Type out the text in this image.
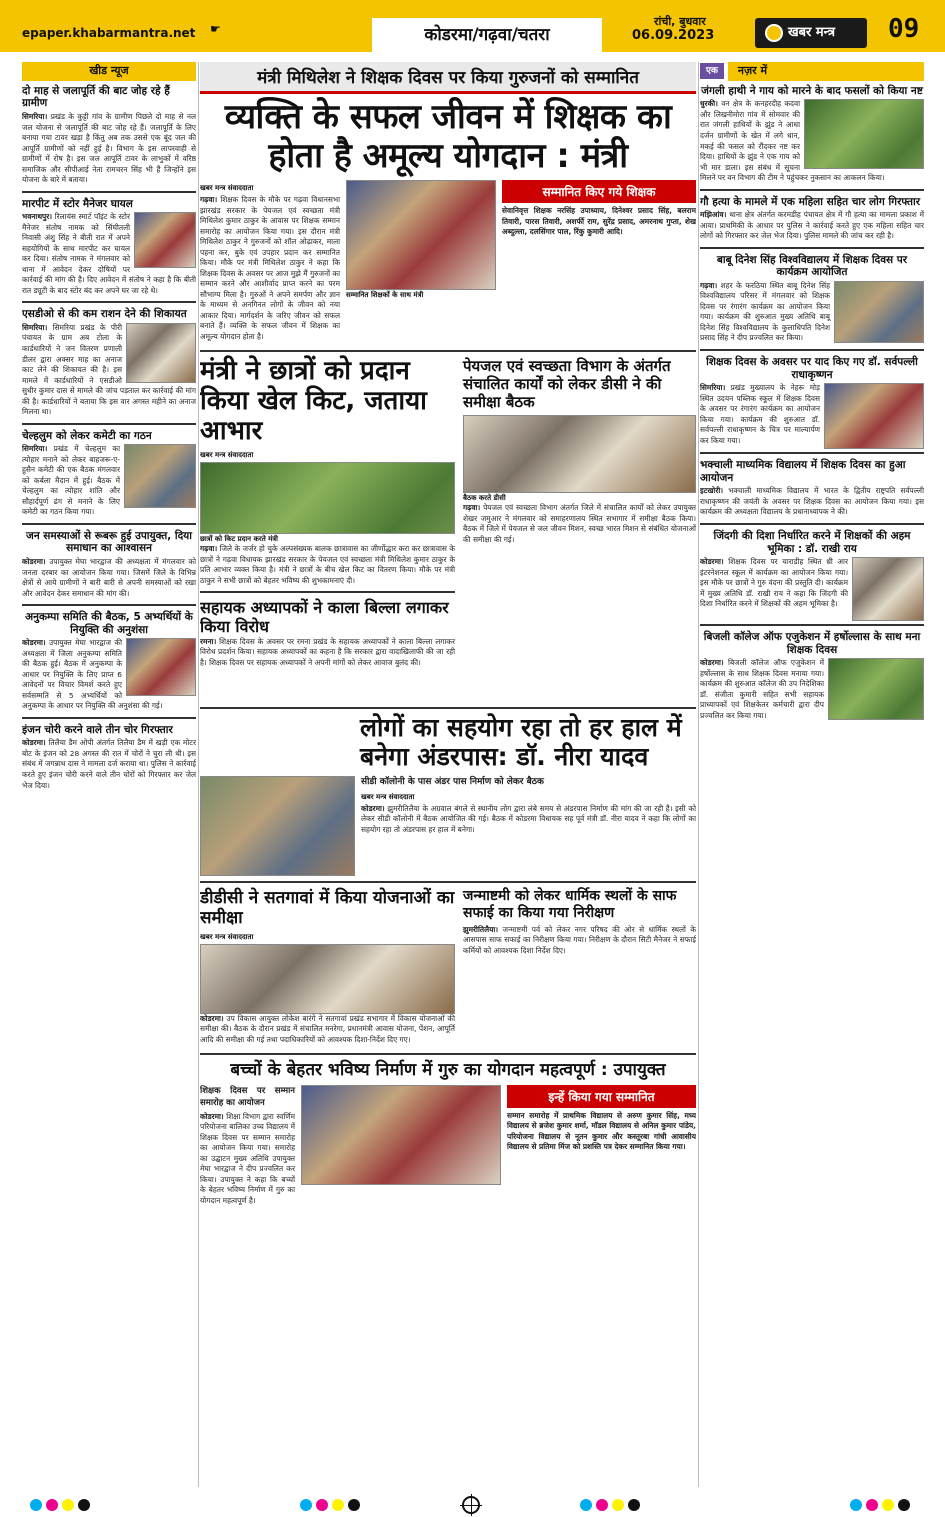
epaper.khabarmantra.net ☛	कोडरमा/गढ़वा/चतरा
रांची, बुधवार
06.09.2023	खबर मन्त्र	09
खीड न्यूज
दो माह से जलापूर्ति की बाट जोह रहे हैं ग्रामीण
सिमरिया। प्रखंड के कुट्टी गांव के ग्रामीण पिछले दो माह से नल जल योजना से जलापूर्ति की बाट जोह रहे हैं। जलापूर्ति के लिए बनाया गया टावर खड़ा है किंतु अब तक उससे एक बूंद जल की आपूर्ति ग्रामीणों को नहीं हुई है। विभाग के इस लापरवाही से ग्रामीणों में रोष है। इस जल आपूर्ति टावर के लाभुकों में वरिष्ठ समाजिक और सीपीआई नेता रामचरन सिंह भी हैं जिन्होंने इस योजना के बारे में बताया।
मारपीट में स्टोर मैनेजर घायल
भवनाथपुर। रिलायंस स्मार्ट पॉइंट के स्टोर मैनेजर संतोष नामक को सिंघीतली निवासी अंशु सिंह ने बीती रात में अपने सहयोगियों के साथ मारपीट कर घायल कर दिया। संतोष नामक ने मंगलवार को थाना में आवेदन देकर दोषियों पर कार्रवाई की मांग की है। दिए आवेदन में संतोष ने कहा है कि बीती रात ड्यूटी के बाद स्टोर बंद कर अपने घर जा रहे थे।
एसडीओ से की कम राशन देने की शिकायत
सिमरिया। सिमरिया प्रखंड के पीरी पंचायत के ग्राम अब टोला के कार्डधारियों ने जन वितरण प्रणाली डीलर द्वारा अक्सर माह का अनाज काट लेने की शिकायत की है। इस मामले में कार्डधारियों ने एसडीओ सुधीर कुमार दास से मामले की जांच पड़ताल कर कार्रवाई की मांग की है। कार्डधारियों ने बताया कि इस वार अगस्त महीने का अनाज मिलना था।
चेल्हलुम को लेकर कमेटी का गठन
सिमरिया। प्रखंड में चेल्हलुम का त्योहार मनाने को लेकर बाहजरू-ए-हुसैन कमेटी की एक बैठक मंगलवार को कर्बला मैदान में हुई। बैठक में चेल्हलुम का त्योहार शांति और सौहार्दपूर्ण ढंग से मनाने के लिए कमेटी का गठन किया गया।
जन समस्याओं से रूबरू हुई उपायुक्त, दिया समाधान का आश्वासन
कोडरमा। उपायुक्त मेघा भारद्वाज की अध्यक्षता में मंगलवार को जनता दरबार का आयोजन किया गया। जिसमें जिले के विभिन्न क्षेत्रों से आये ग्रामीणों ने बारी बारी से अपनी समस्याओं को रखा और आवेदन देकर समाधान की मांग की।
अनुकम्पा समिति की बैठक, 5 अभ्यर्थियों के नियुक्ति की अनुशंसा
कोडरमा। उपायुक्त मेघा भारद्वाज की अध्यक्षता में जिला अनुकम्पा समिति की बैठक हुई। बैठक में अनुकम्पा के आधार पर नियुक्ति के लिए प्राप्त 6 आवेदनों पर विचार विमर्श करते हुए सर्वसम्मति से 5 अभ्यर्थियों को अनुकम्पा के आधार पर नियुक्ति की अनुशंसा की गई।
इंजन चोरी करने वाले तीन चोर गिरफ्तार
कोडरमा। तिलैया डैम ओपी अंतर्गत तिलैया डैम में खड़ी एक मोटर बोट के इंजन को 28 अगस्त की रात में चोरों ने चुरा ली थी। इस संबंध में जगन्नाथ दास ने मामला दर्ज कराया था। पुलिस ने कार्रवाई करते हुए इंजन चोरी करने वाले तीन चोरों को गिरफ्तार कर जेल भेज दिया।
मंत्री मिथिलेश ने शिक्षक दिवस पर किया गुरुजनों को सम्मानित
व्यक्ति के सफल जीवन में शिक्षक का होता है अमूल्य योगदान : मंत्री
खबर मन्त्र संवाददाता
गढ़वा। शिक्षक दिवस के मौके पर गढ़वा विधानसभा झारखंड सरकार के पेयजल एवं स्वच्छता मंत्री मिथिलेश कुमार ठाकुर के आवास पर शिक्षक सम्मान समारोह का आयोजन किया गया। इस दौरान मंत्री मिथिलेश ठाकुर ने गुरुजनों को शॉल ओढ़ाकर, माला पहना कर, बुके एवं उपहार प्रदान कर सम्मानित किया। मौके पर मंत्री मिथिलेश ठाकुर ने कहा कि शिक्षक दिवस के अवसर पर आज मुझे मैं गुरुजनों का सम्मान करने और आशीर्वाद प्राप्त करने का परम सौभाग्य मिला है। गुरुओं ने अपने समर्पण और ज्ञान के माध्यम से अनगिनत लोगों के जीवन को नया आकार दिया। मार्गदर्शन के जरिए जीवन को सफल बनाते हैं। व्यक्ति के सफल जीवन में शिक्षक का अमूल्य योगदान होता है।
सम्मानित शिक्षकों के साथ मंत्री
सम्मानित किए गये शिक्षक
सेवानिवृत्त शिक्षक नरसिंह उपाध्याय, दिनेश्वर प्रसाद सिंह, बलराम तिवारी, पारस तिवारी, अशर्फी राम, सुरेंद्र प्रसाद, अमरनाथ गुप्ता, शेख अब्दुल्ला, दलसिंगार पाल, रिंकु कुमारी आदि।
मंत्री ने छात्रों को प्रदान किया खेल किट, जताया आभार
खबर मन्त्र संवाददाता
छात्रों को किट प्रदान करते मंत्री
गढ़वा। जिले के जर्जर हो चुके अल्पसंख्यक बालक छात्रावास का जीर्णोद्धार करा कर छात्रावास के छात्रों ने गढ़वा विधायक झारखंड सरकार के पेयजल एवं स्वच्छता मंत्री मिथिलेश कुमार ठाकुर के प्रति आभार व्यक्त किया है। मंत्री ने छात्रों के बीच खेल किट का वितरण किया। मौके पर मंत्री ठाकुर ने सभी छात्रों को बेहतर भविष्य की शुभकामनाएं दी।
सहायक अध्यापकों ने काला बिल्ला लगाकर किया विरोध
रमना। शिक्षक दिवस के अवसर पर रमना प्रखंड के सहायक अध्यापकों ने काला बिल्ला लगाकर विरोध प्रदर्शन किया। सहायक अध्यापकों का कहना है कि सरकार द्वारा वादाखिलाफी की जा रही है। शिक्षक दिवस पर सहायक अध्यापकों ने अपनी मांगों को लेकर आवाज बुलंद की।
पेयजल एवं स्वच्छता विभाग के अंतर्गत संचालित कार्यों को लेकर डीसी ने की समीक्षा बैठक
बैठक करते डीसी
गढ़वा। पेयजल एवं स्वच्छता विभाग अंतर्गत जिले में संचालित कार्यों को लेकर उपायुक्त शेखर जमुआर ने मंगलवार को समाहरणालय स्थित सभागार में समीक्षा बैठक किया। बैठक में जिले में पेयजल से जल जीवन मिशन, स्वच्छ भारत मिशन से संबंधित योजनाओं की समीक्षा की गई।
लोगों का सहयोग रहा तो हर हाल में बनेगा अंडरपास: डॉ. नीरा यादव
सीडी कॉलोनी के पास अंडर पास निर्माण को लेकर बैठक
खबर मन्त्र संवाददाता
कोडरमा। झुमरीतिलैया के अग्रवाल बंगले से स्थानीय लोग द्वारा लंबे समय से अंडरपास निर्माण की मांग की जा रही है। इसी को लेकर सीडी कॉलोनी में बैठक आयोजित की गई। बैठक में कोडरमा विधायक सह पूर्व मंत्री डॉ. नीरा यादव ने कहा कि लोगों का सहयोग रहा तो अंडरपास हर हाल में बनेगा।
डीडीसी ने सतगावां में किया योजनाओं का समीक्षा
खबर मन्त्र संवाददाता
कोडरमा। उप विकास आयुक्त लोकेश बारंगे ने सतगावां प्रखंड सभागार में विकास योजनाओं की समीक्षा की। बैठक के दौरान प्रखंड में संचालित मनरेगा, प्रधानमंत्री आवास योजना, पेंशन, आपूर्ति आदि की समीक्षा की गई तथा पदाधिकारियों को आवश्यक दिशा-निर्देश दिए गए।
जन्माष्टमी को लेकर धार्मिक स्थलों के साफ सफाई का किया गया निरीक्षण
झुमरीतिलैया। जन्माष्टमी पर्व को लेकर नगर परिषद की ओर से धार्मिक स्थलों के आसपास साफ सफाई का निरीक्षण किया गया। निरीक्षण के दौरान सिटी मैनेजर ने सफाई कर्मियों को आवश्यक दिशा निर्देश दिए।
बच्चों के बेहतर भविष्य निर्माण में गुरु का योगदान महत्वपूर्ण : उपायुक्त
शिक्षक दिवस पर सम्मान समारोह का आयोजन
कोडरमा। शिक्षा विभाग द्वारा स्वर्णिम परियोजना बालिका उच्च विद्यालय में शिक्षक दिवस पर सम्मान समारोह का आयोजन किया गया। समारोह का उद्घाटन मुख्य अतिथि उपायुक्त मेघा भारद्वाज ने दीप प्रज्वलित कर किया। उपायुक्त ने कहा कि बच्चों के बेहतर भविष्य निर्माण में गुरु का योगदान महत्वपूर्ण है।
इन्हें किया गया सम्मानित
सम्मान समारोह में प्राथमिक विद्यालय से अरुण कुमार सिंह, मध्य विद्यालय से ब्रजेश कुमार शर्मा, मॉडल विद्यालय से अनिल कुमार पांडेय, परियोजना विद्यालय से नूतन कुमार और कस्तूरबा गांधी आवासीय विद्यालय से प्रतिमा मिंज को प्रशस्ति पत्र देकर सम्मानित किया गया।
एक	नज़र में
जंगली हाथी ने गाय को मारने के बाद फसलों को किया नष्ट
धुरकी। वन क्षेत्र के कनहरदीह कदवा और लिखनीमोरा गांव में सोमवार की रात जंगली हाथियों के झुंड ने आधा दर्जन ग्रामीणों के खेत में लगे धान, मकई की फसल को रौंदकर नष्ट कर दिया। हाथियों के झुंड ने एक गाय को भी मार डाला। इस संबंध में सूचना मिलने पर वन विभाग की टीम ने पहुंचकर नुकसान का आकलन किया।
गौ हत्या के मामले में एक महिला सहित चार लोग गिरफ्तार
मझिआंव। थाना क्षेत्र अंतर्गत करमडीह पंचायत क्षेत्र में गौ हत्या का मामला प्रकाश में आया। प्राथमिकी के आधार पर पुलिस ने कार्रवाई करते हुए एक महिला सहित चार लोगों को गिरफ्तार कर जेल भेज दिया। पुलिस मामले की जांच कर रही है।
बाबू दिनेश सिंह विश्वविद्यालय में शिक्षक दिवस पर कार्यक्रम आयोजित
गढ़वा। शहर के फरठिया स्थित बाबू दिनेश सिंह विश्वविद्यालय परिसर में मंगलवार को शिक्षक दिवस पर रंगारंग कार्यक्रम का आयोजन किया गया। कार्यक्रम की शुरुआत मुख्य अतिथि बाबू दिनेश सिंह विश्वविद्यालय के कुलाधिपति दिनेश प्रसाद सिंह ने दीप प्रज्वलित कर किया।
शिक्षक दिवस के अवसर पर याद किए गए डॉ. सर्वपल्ली राधाकृष्णन
सिमरिया। प्रखंड मुख्यालय के नेहरू मोड़ स्थित उदयन पब्लिक स्कूल में शिक्षक दिवस के अवसर पर रंगारंग कार्यक्रम का आयोजन किया गया। कार्यक्रम की शुरुआत डॉ. सर्वपल्ली राधाकृष्णन के चित्र पर माल्यार्पण कर किया गया।
भक्चाली माध्यमिक विद्यालय में शिक्षक दिवस का हुआ आयोजन
इटखोरी। भक्चाली माध्यमिक विद्यालय में भारत के द्वितीय राष्ट्रपति सर्वपल्ली राधाकृष्णन की जयंती के अवसर पर शिक्षक दिवस का आयोजन किया गया। इस कार्यक्रम की अध्यक्षता विद्यालय के प्रधानाध्यापक ने की।
जिंदगी की दिशा निर्धारित करने में शिक्षकों की अहम भूमिका : डॉ. राखी राय
कोडरमा। शिक्षक दिवस पर चाराडीह स्थित थ्री आर इंटरनेशनल स्कूल में कार्यक्रम का आयोजन किया गया। इस मौके पर छात्रों ने गुरु वंदना की प्रस्तुति दी। कार्यक्रम में मुख्य अतिथि डॉ. राखी राय ने कहा कि जिंदगी की दिशा निर्धारित करने में शिक्षकों की अहम भूमिका है।
बिजली कॉलेज ऑफ एजुकेशन में हर्षोल्लास के साथ मना शिक्षक दिवस
कोडरमा। बिजली कॉलेज ऑफ एजुकेशन में हर्षोल्लास के साथ शिक्षक दिवस मनाया गया। कार्यक्रम की शुरुआत कॉलेज की उप निदेशिका डॉ. संजीता कुमारी सहित सभी सहायक प्राध्यापकों एवं शिक्षकेतर कर्मचारी द्वारा दीप प्रज्वलित कर किया गया।
